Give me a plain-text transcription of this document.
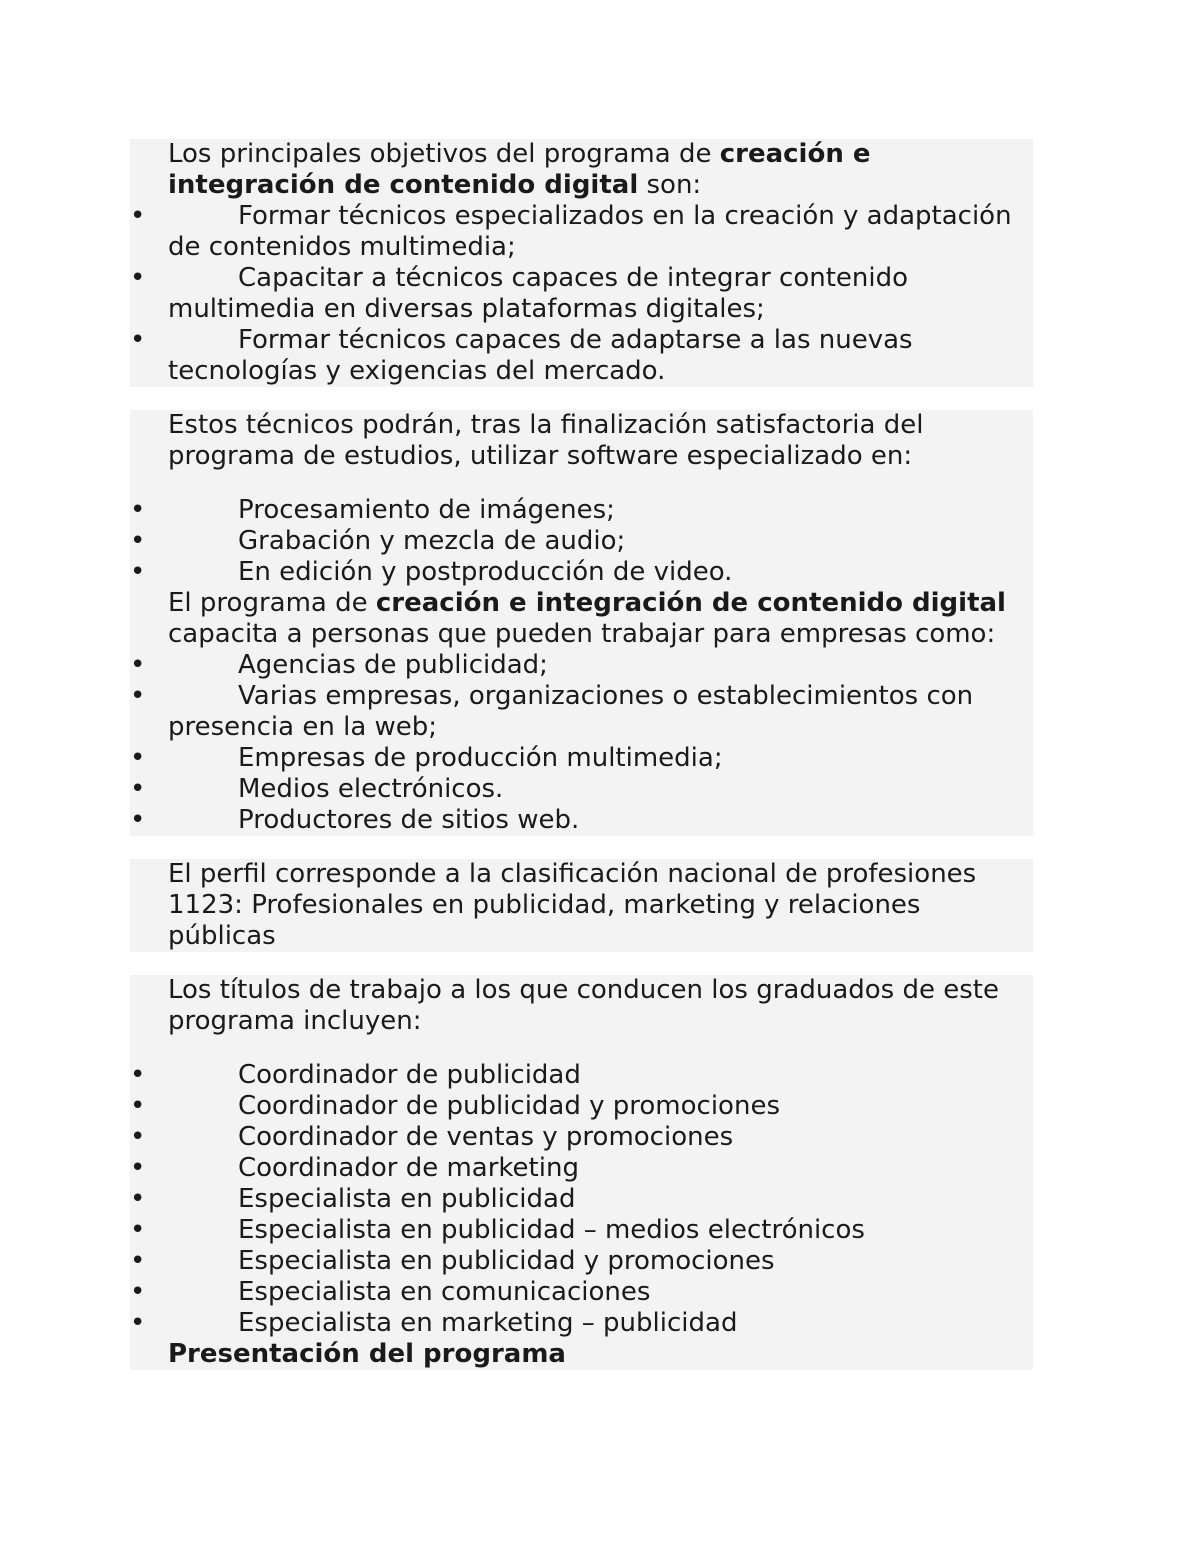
Los principales objetivos del programa de creación e integración de contenido digital son:

•	Formar técnicos especializados en la creación y adaptación de contenidos multimedia;
•	Capacitar a técnicos capaces de integrar contenido multimedia en diversas plataformas digitales;
•	Formar técnicos capaces de adaptarse a las nuevas tecnologías y exigencias del mercado.

Estos técnicos podrán, tras la finalización satisfactoria del programa de estudios, utilizar software especializado en:

•	Procesamiento de imágenes;
•	Grabación y mezcla de audio;
•	En edición y postproducción de video.

El programa de creación e integración de contenido digital capacita a personas que pueden trabajar para empresas como:

•	Agencias de publicidad;
•	Varias empresas, organizaciones o establecimientos con presencia en la web;
•	Empresas de producción multimedia;
•	Medios electrónicos.
•	Productores de sitios web.

El perfil corresponde a la clasificación nacional de profesiones 1123: Profesionales en publicidad, marketing y relaciones públicas

Los títulos de trabajo a los que conducen los graduados de este programa incluyen:

•	Coordinador de publicidad
•	Coordinador de publicidad y promociones
•	Coordinador de ventas y promociones
•	Coordinador de marketing
•	Especialista en publicidad
•	Especialista en publicidad – medios electrónicos
•	Especialista en publicidad y promociones
•	Especialista en comunicaciones
•	Especialista en marketing – publicidad

Presentación del programa
